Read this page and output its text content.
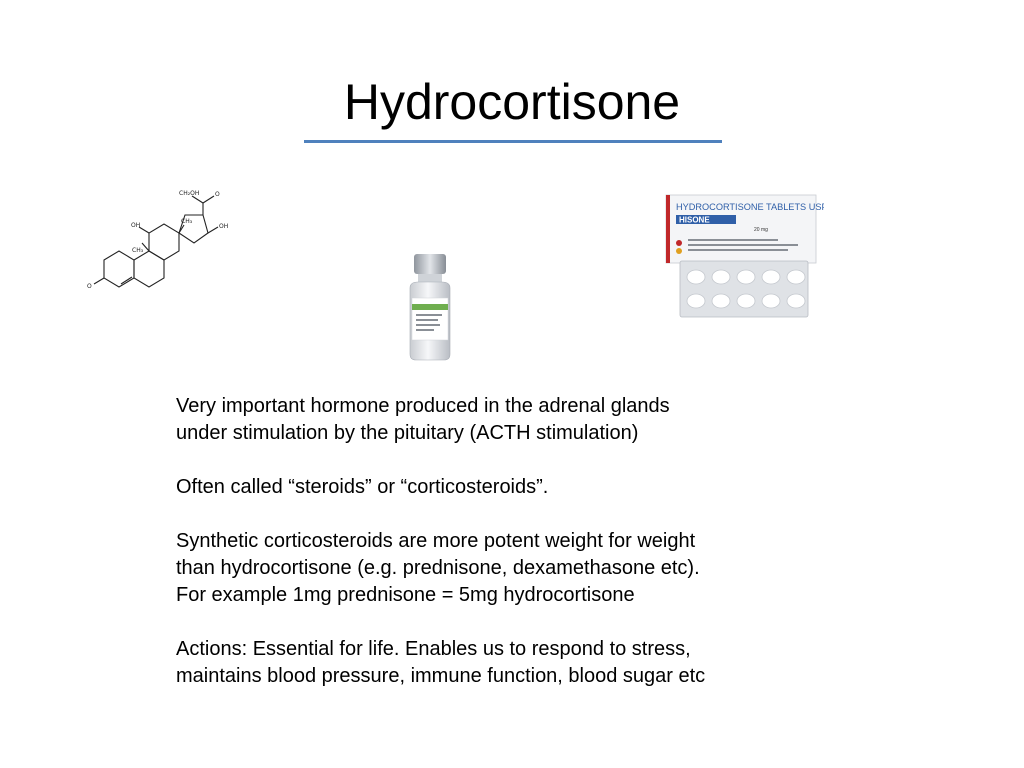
Hydrocortisone
CH₂OH	O
OH
CH₃
OH
CH₃
O
HYDROCORTISONE TABLETS USP
HISONE
20 mg

Very important hormone produced in the adrenal glands
under stimulation by the pituitary (ACTH stimulation)

Often called “steroids” or “corticosteroids”.

Synthetic corticosteroids are more potent weight for weight
than hydrocortisone (e.g. prednisone, dexamethasone etc).
For example 1mg prednisone = 5mg hydrocortisone

Actions: Essential for life. Enables us to respond to stress,
maintains blood pressure, immune function, blood sugar etc
